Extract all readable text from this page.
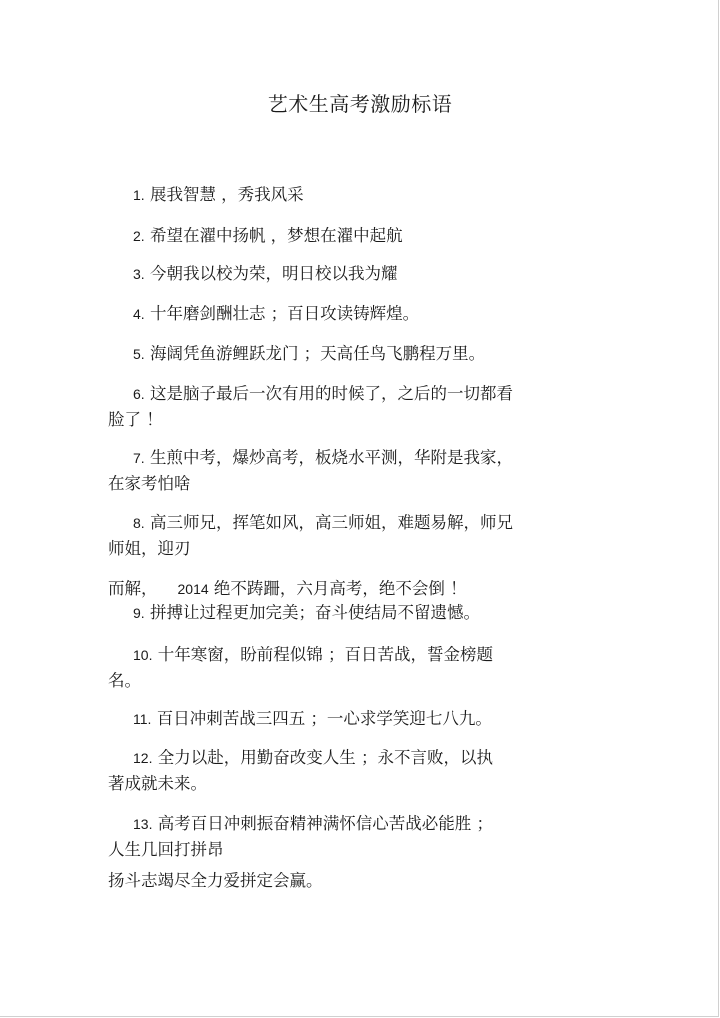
艺术生高考激励标语
1. 展我智慧 ，秀我风采
2. 希望在濯中扬帆 ，梦想在濯中起航
3. 今朝我以校为荣，明日校以我为耀
4. 十年磨剑酬壮志 ；百日攻读铸辉煌。
5. 海阔凭鱼游鲤跃龙门 ；天高任鸟飞鹏程万里。
6. 这是脑子最后一次有用的时候了，之后的一切都看
脸了 ！
7. 生煎中考，爆炒高考，板烧水平测，华附是我家，
在家考怕啥
8. 高三师兄，挥笔如风，高三师姐，难题易解，师兄
师姐，迎刃
而解， 2014 绝不踌跚，六月高考，绝不会倒 ！
9. 拼搏让过程更加完美；奋斗使结局不留遗憾。
10. 十年寒窗，盼前程似锦 ；百日苦战，誓金榜题
名。
11. 百日冲刺苦战三四五 ；一心求学笑迎七八九。
12. 全力以赴，用勤奋改变人生 ；永不言败，以执
著成就未来。
13. 高考百日冲刺振奋精神满怀信心苦战必能胜 ；
人生几回打拼昂
扬斗志竭尽全力爱拼定会赢。
